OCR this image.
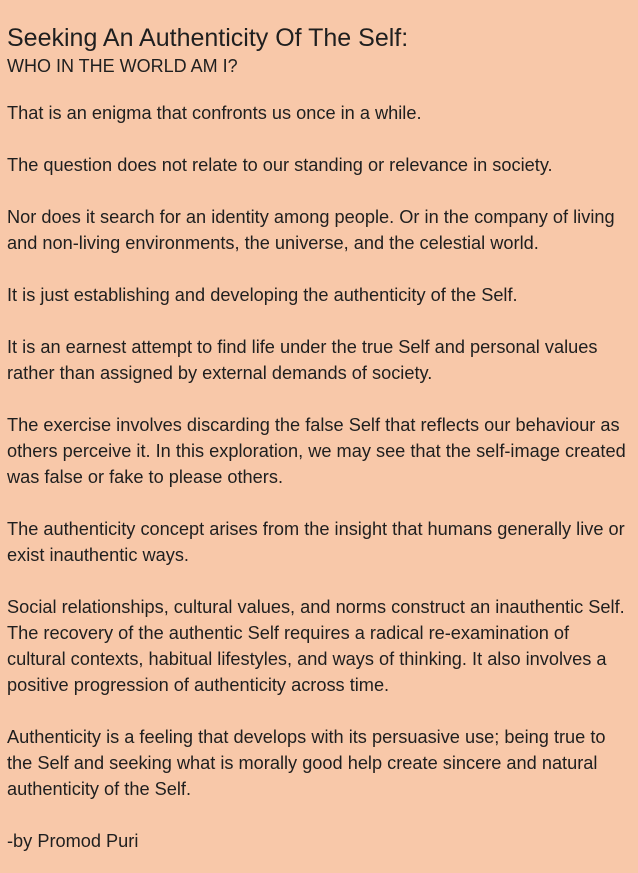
Seeking An Authenticity Of The Self:
WHO IN THE WORLD AM I?

That is an enigma that confronts us once in a while.

The question does not relate to our standing or relevance in society.

Nor does it search for an identity among people. Or in the company of living and non-living environments, the universe, and the celestial world.

It is just establishing and developing the authenticity of the Self.

It is an earnest attempt to find life under the true Self and personal values rather than assigned by external demands of society.

The exercise involves discarding the false Self that reflects our behaviour as others perceive it. In this exploration, we may see that the self-image created was false or fake to please others.

The authenticity concept arises from the insight that humans generally live or exist inauthentic ways.

Social relationships, cultural values, and norms construct an inauthentic Self. The recovery of the authentic Self requires a radical re-examination of cultural contexts, habitual lifestyles, and ways of thinking. It also involves a positive progression of authenticity across time.

Authenticity is a feeling that develops with its persuasive use; being true to the Self and seeking what is morally good help create sincere and natural authenticity of the Self.

-by Promod Puri
